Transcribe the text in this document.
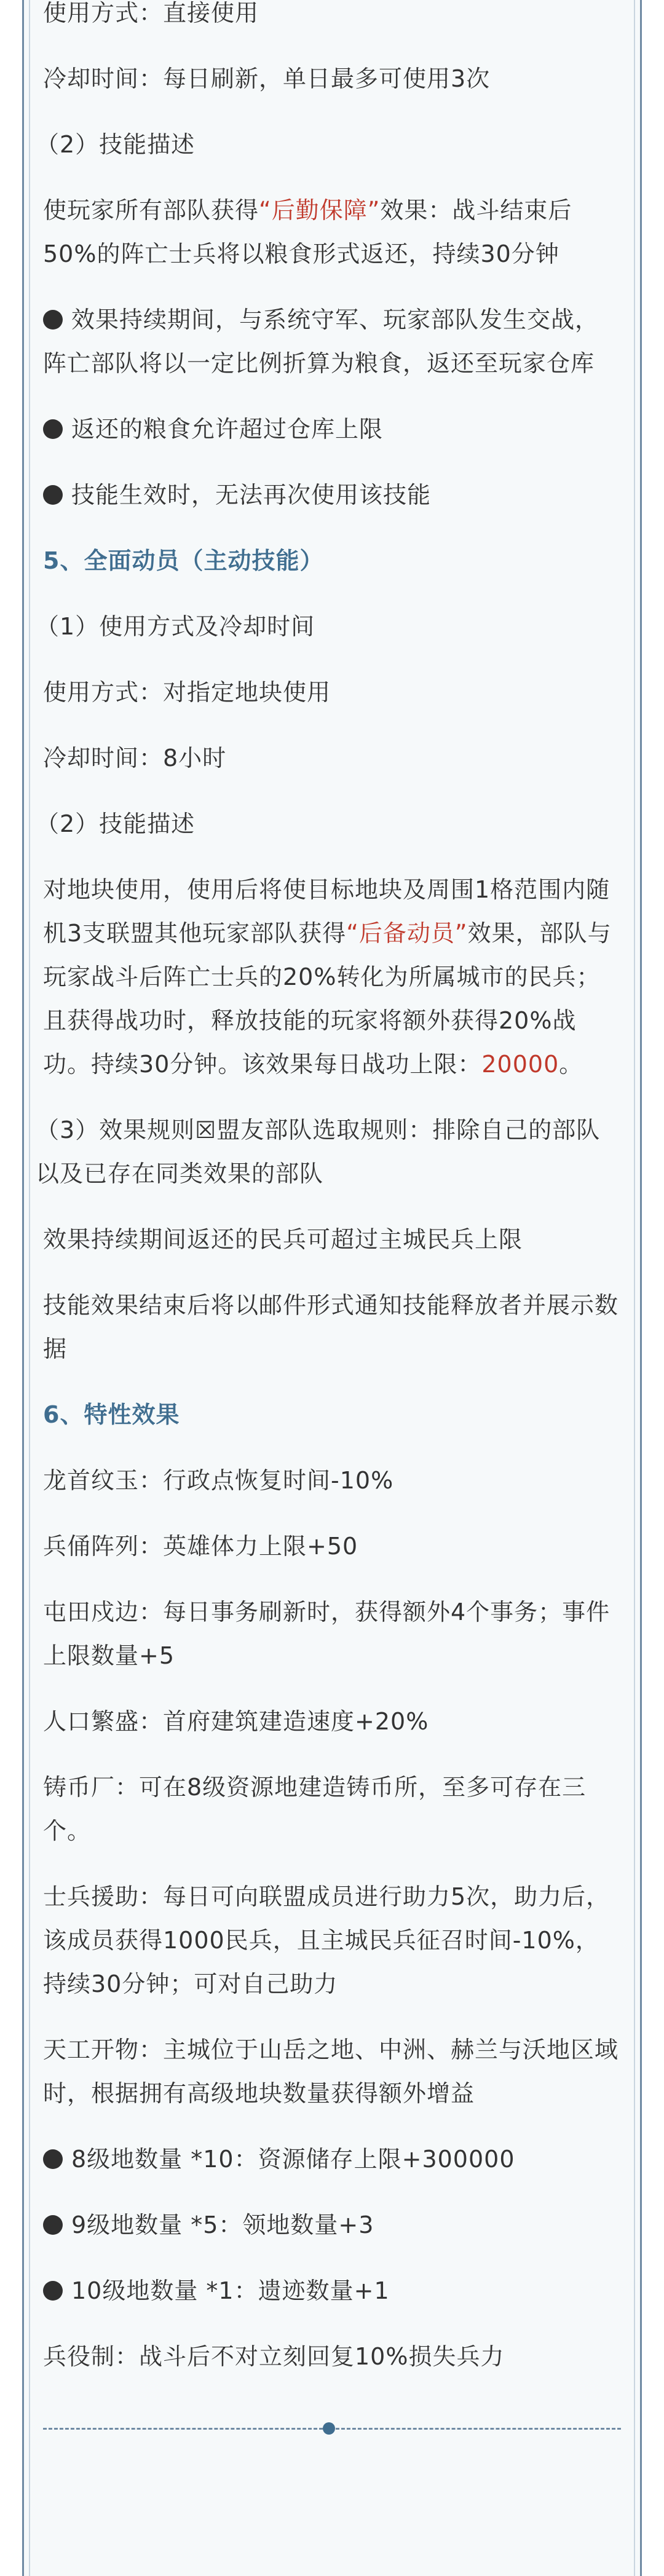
使用方式：直接使用

冷却时间：每日刷新，单日最多可使用3次

（2）技能描述

使玩家所有部队获得“后勤保障”效果：战斗结束后50%的阵亡士兵将以粮食形式返还，持续30分钟

效果持续期间，与系统守军、玩家部队发生交战，阵亡部队将以一定比例折算为粮食，返还至玩家仓库

返还的粮食允许超过仓库上限

技能生效时，无法再次使用该技能

5、全面动员（主动技能）

（1）使用方式及冷却时间

使用方式：对指定地块使用

冷却时间：8小时

（2）技能描述

对地块使用，使用后将使目标地块及周围1格范围内随机3支联盟其他玩家部队获得“后备动员”效果，部队与玩家战斗后阵亡士兵的20%转化为所属城市的民兵；且获得战功时，释放技能的玩家将额外获得20%战功。持续30分钟。该效果每日战功上限：20000。

（3）效果规则☒盟友部队选取规则：排除自己的部队以及已存在同类效果的部队

效果持续期间返还的民兵可超过主城民兵上限

技能效果结束后将以邮件形式通知技能释放者并展示数据

6、特性效果

龙首纹玉：行政点恢复时间-10%

兵俑阵列：英雄体力上限+50

屯田戍边：每日事务刷新时，获得额外4个事务；事件上限数量+5

人口繁盛：首府建筑建造速度+20%

铸币厂：可在8级资源地建造铸币所，至多可存在三个。

士兵援助：每日可向联盟成员进行助力5次，助力后，该成员获得1000民兵，且主城民兵征召时间-10%，持续30分钟；可对自己助力

天工开物：主城位于山岳之地、中洲、赫兰与沃地区域时，根据拥有高级地块数量获得额外增益

8级地数量 *10：资源储存上限+300000

9级地数量 *5：领地数量+3

10级地数量 *1：遗迹数量+1

兵役制：战斗后不对立刻回复10%损失兵力
